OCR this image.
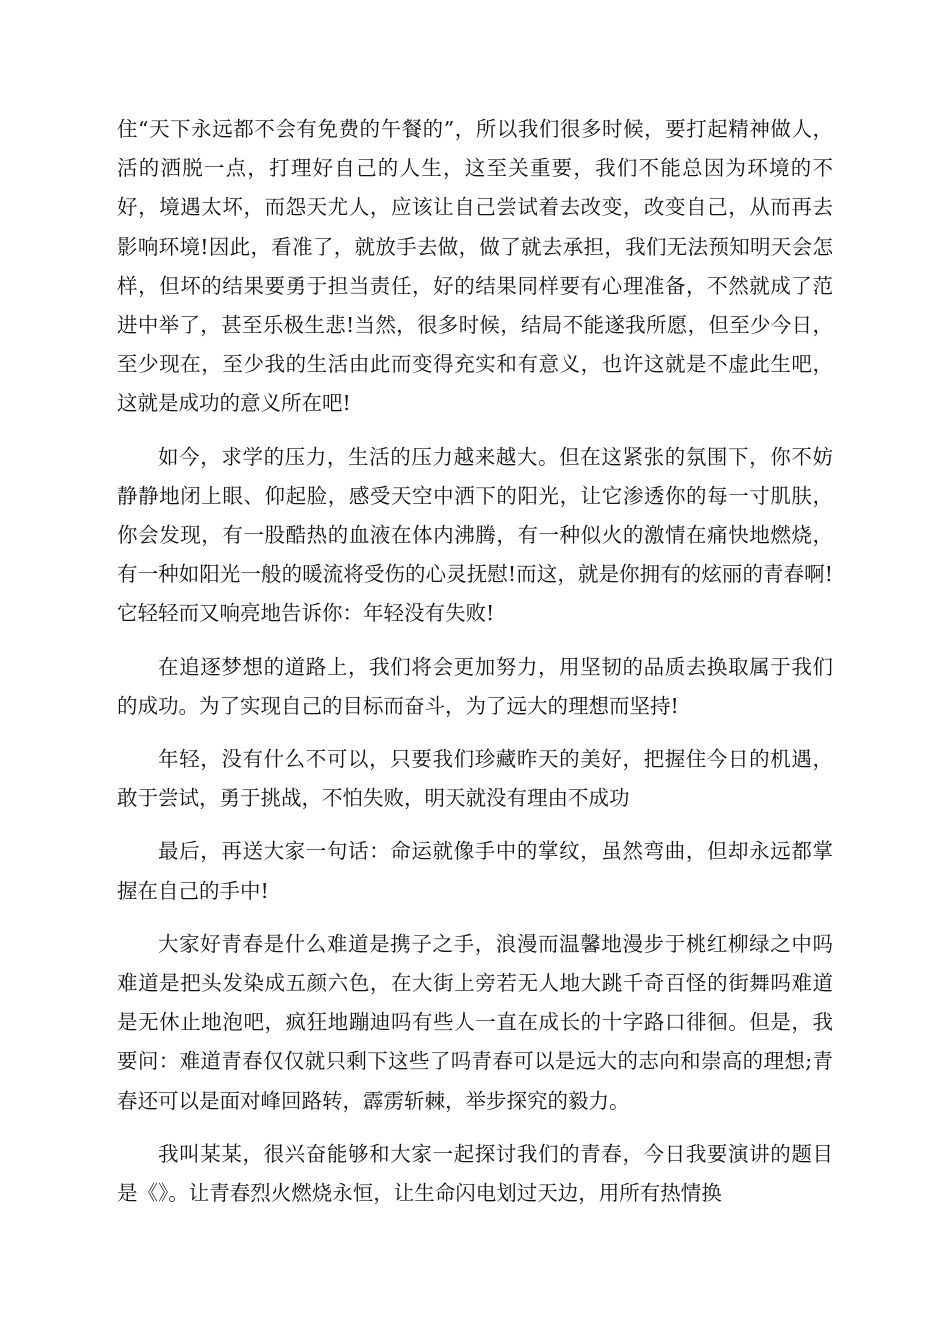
住“天下永远都不会有免费的午餐的”，所以我们很多时候，要打起精神做人，活的洒脱一点，打理好自己的人生，这至关重要，我们不能总因为环境的不好，境遇太坏，而怨天尤人，应该让自己尝试着去改变，改变自己，从而再去影响环境!因此，看准了，就放手去做，做了就去承担，我们无法预知明天会怎样，但坏的结果要勇于担当责任，好的结果同样要有心理准备，不然就成了范进中举了，甚至乐极生悲!当然，很多时候，结局不能遂我所愿，但至少今日，至少现在，至少我的生活由此而变得充实和有意义，也许这就是不虚此生吧，这就是成功的意义所在吧!

如今，求学的压力，生活的压力越来越大。但在这紧张的氛围下，你不妨静静地闭上眼、仰起脸，感受天空中洒下的阳光，让它渗透你的每一寸肌肤，你会发现，有一股酷热的血液在体内沸腾，有一种似火的激情在痛快地燃烧，有一种如阳光一般的暖流将受伤的心灵抚慰!而这，就是你拥有的炫丽的青春啊!它轻轻而又响亮地告诉你：年轻没有失败!

在追逐梦想的道路上，我们将会更加努力，用坚韧的品质去换取属于我们的成功。为了实现自己的目标而奋斗，为了远大的理想而坚持!

年轻，没有什么不可以，只要我们珍藏昨天的美好，把握住今日的机遇，敢于尝试，勇于挑战，不怕失败，明天就没有理由不成功

最后，再送大家一句话：命运就像手中的掌纹，虽然弯曲，但却永远都掌握在自己的手中!

大家好青春是什么难道是携子之手，浪漫而温馨地漫步于桃红柳绿之中吗难道是把头发染成五颜六色，在大街上旁若无人地大跳千奇百怪的街舞吗难道是无休止地泡吧，疯狂地蹦迪吗有些人一直在成长的十字路口徘徊。但是，我要问：难道青春仅仅就只剩下这些了吗青春可以是远大的志向和崇高的理想;青春还可以是面对峰回路转，霹雳斩棘，举步探究的毅力。

我叫某某，很兴奋能够和大家一起探讨我们的青春，今日我要演讲的题目是《》。让青春烈火燃烧永恒，让生命闪电划过天边，用所有热情换
